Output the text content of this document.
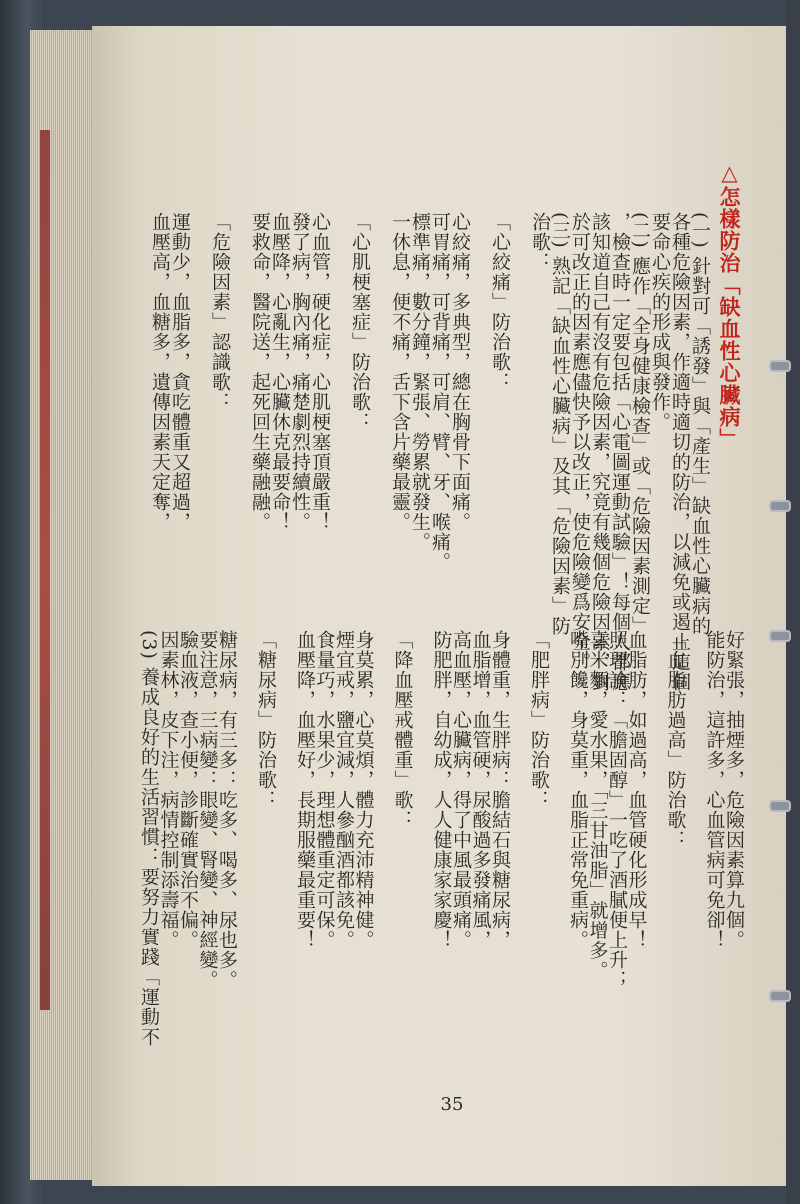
△怎樣防治「缺血性心臟病」

(一) 針對可「誘發」與「產生」缺血性心臟病的

各種危險因素，作適時適切的防治，以減免或遏止這個

要命心疾的形成與發作。

(二) 應作「全身健康檢查」或「危險因素測定」

，檢查時一定要包括「心電圖運動試驗」！每個人都應

該知道自己有沒有危險因素，究竟有幾個危險因素，對

於可改正的因素應儘快予以改正，使危險變爲安全。

(三) 熟記「缺血性心臟病」及其「危險因素」防

治歌：

「心絞痛」防治歌：

心絞痛，多典型，總在胸骨下面痛。

可胃痛，可背痛，可肩、臂、牙、喉痛。

標準痛，數分鐘，緊張、勞累就發生。

一休息，便不痛，舌下含片藥最靈。

「心肌梗塞症」防治歌：

心血管，硬化症，心肌梗塞頂嚴重！

發了病，胸內痛，痛楚劇烈持續性。

血壓降，心亂生，心臟休克最要命！

要救命，醫院送，起死回生藥融融。

「危險因素」認識歌：

運動少，血脂多，貪吃體重又超過，

血壓高，血糖多，遺傳因素天定奪，

好緊張，抽煙多，危險因素算九個。

能防治，這許多，心血管病可免卻！

「血脂肪過高」防治歌：

血脂肪，如過高，血管硬化形成早！

照理論：「膽固醇」一吃了酒膩便上升；

喜米麵，愛水果，「三甘油脂」就增多。

嘴別饞，身莫重，血脂正常免重病。

「肥胖病」防治歌：

身體重，生胖病：膽結石與糖尿病，

血脂增，血管硬，尿酸過多發痛風，

高血壓，心臟病，得了中風最頭痛。

防肥胖，自幼成，人人健康家家慶！

「降血壓戒體重」歌：

身莫累，心莫煩，體力充沛精神健。

煙宜戒，鹽宜減，人參酗酒都該免。

食量巧，水果少，理想體重定可保。

血壓降，血壓好，長期服藥最重要！

「糖尿病」防治歌：

糖尿病，有三多：吃多、喝多、尿也多。

要注意，三病變：眼變、腎變、神經變。

驗血液，查小便，診斷確實治不偏。

因素林，皮下注，病情控制添壽福。

(3) 養成良好的生活習慣：要努力實踐「運動不

35
